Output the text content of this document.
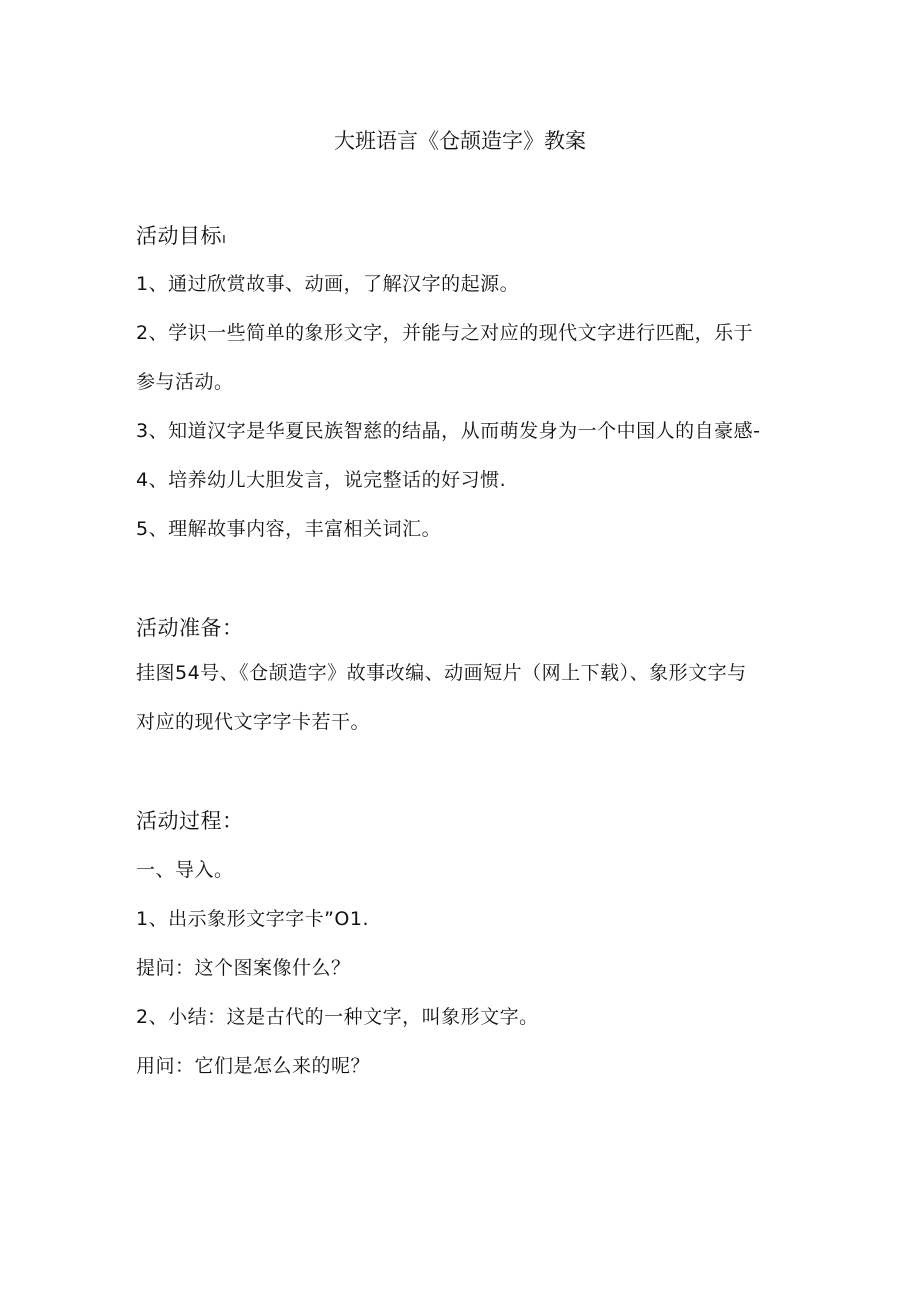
大班语言《仓颉造字》教案
活动目标ı
1、通过欣赏故事、动画，了解汉字的起源。
2、学识一些简单的象形文字，并能与之对应的现代文字进行匹配，乐于
参与活动。
3、知道汉字是华夏民族智慈的结晶，从而萌发身为一个中国人的自豪感-
4、培养幼儿大胆发言，说完整话的好习惯.
5、理解故事内容，丰富相关词汇。
活动准备：
挂图54号、《仓颉造字》故事改编、动画短片（网上下载）、象形文字与
对应的现代文字字卡若干。
活动过程：
一、导入。
1、出示象形文字字卡”O1.
提问：这个图案像什么？
2、小结：这是古代的一种文字，叫象形文字。
用问：它们是怎么来的呢？
